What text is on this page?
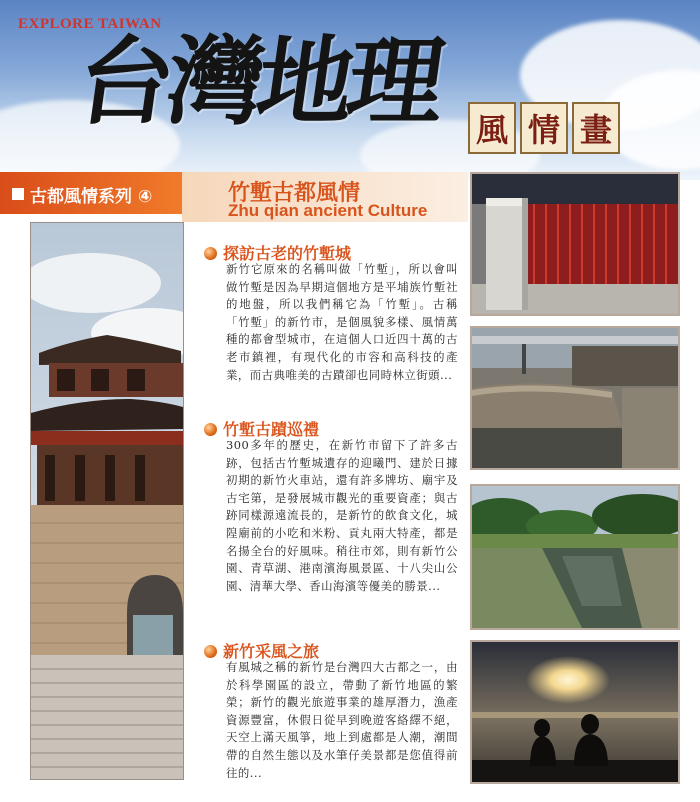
EXPLORE TAIWAN
台灣地理 風 情 畫
古都風情系列 ④	竹塹古都風情
Zhu qian ancient Culture
探訪古老的竹塹城
新竹它原來的名稱叫做「竹塹」，所以會叫做竹塹是因為早期這個地方是平埔族竹塹社的地盤，所以我們稱它為「竹塹」。古稱「竹塹」的新竹市，是個風貌多樣、風情萬種的都會型城市，在這個人口近四十萬的古老市鎮裡，有現代化的市容和高科技的產業，而古典唯美的古蹟卻也同時林立街頭...
竹塹古蹟巡禮
300多年的歷史，在新竹市留下了許多古跡，包括古竹塹城遺存的迎曦門、建於日據初期的新竹火車站，還有許多牌坊、廟宇及古宅第，是發展城市觀光的重要資產；與古跡同樣源遠流長的，是新竹的飲食文化，城隍廟前的小吃和米粉、貢丸兩大特產，都是名揚全台的好風味。稍往市郊，則有新竹公園、青草湖、港南濱海風景區、十八尖山公園、清華大學、香山海濱等優美的勝景...
新竹采風之旅
有風城之稱的新竹是台灣四大古都之一，由於科學園區的設立，帶動了新竹地區的繁榮；新竹的觀光旅遊事業的雄厚潛力，漁產資源豐富，休假日從早到晚遊客絡繹不絕，天空上滿天風箏，地上到處都是人潮，潮間帶的自然生態以及水筆仔美景都是您值得前往的...
